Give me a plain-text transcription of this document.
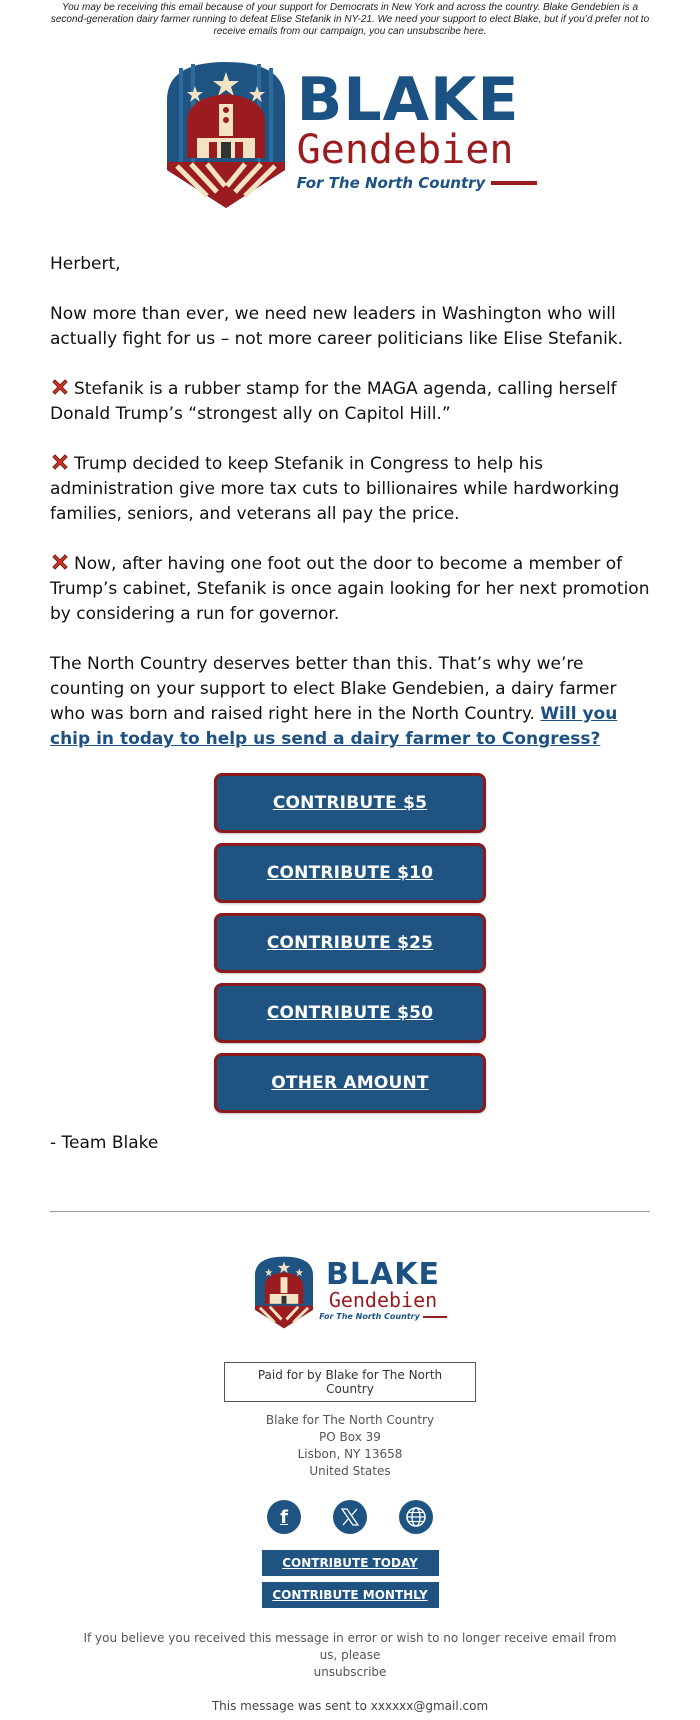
You may be receiving this email because of your support for Democrats in New York and across the country. Blake Gendebien is a second-generation dairy farmer running to defeat Elise Stefanik in NY-21. We need your support to elect Blake, but if you’d prefer not to receive emails from our campaign, you can unsubscribe here.
BLAKE
Gendebien
For The North Country

Herbert,

Now more than ever, we need new leaders in Washington who will actually fight for us – not more career politicians like Elise Stefanik.

Stefanik is a rubber stamp for the MAGA agenda, calling herself Donald Trump’s “strongest ally on Capitol Hill.”

Trump decided to keep Stefanik in Congress to help his administration give more tax cuts to billionaires while hardworking families, seniors, and veterans all pay the price.

Now, after having one foot out the door to become a member of Trump’s cabinet, Stefanik is once again looking for her next promotion by considering a run for governor.

The North Country deserves better than this. That’s why we’re counting on your support to elect Blake Gendebien, a dairy farmer who was born and raised right here in the North Country. Will you chip in today to help us send a dairy farmer to Congress?

CONTRIBUTE $5
CONTRIBUTE $10
CONTRIBUTE $25
CONTRIBUTE $50
OTHER AMOUNT
- Team Blake
BLAKE
Gendebien
For The North Country
Paid for by Blake for The North Country
Blake for The North Country
PO Box 39
Lisbon, NY 13658
United States
f
CONTRIBUTE TODAY
CONTRIBUTE MONTHLY
If you believe you received this message in error or wish to no longer receive email from us, please
unsubscribe
This message was sent to xxxxxx@gmail.com
